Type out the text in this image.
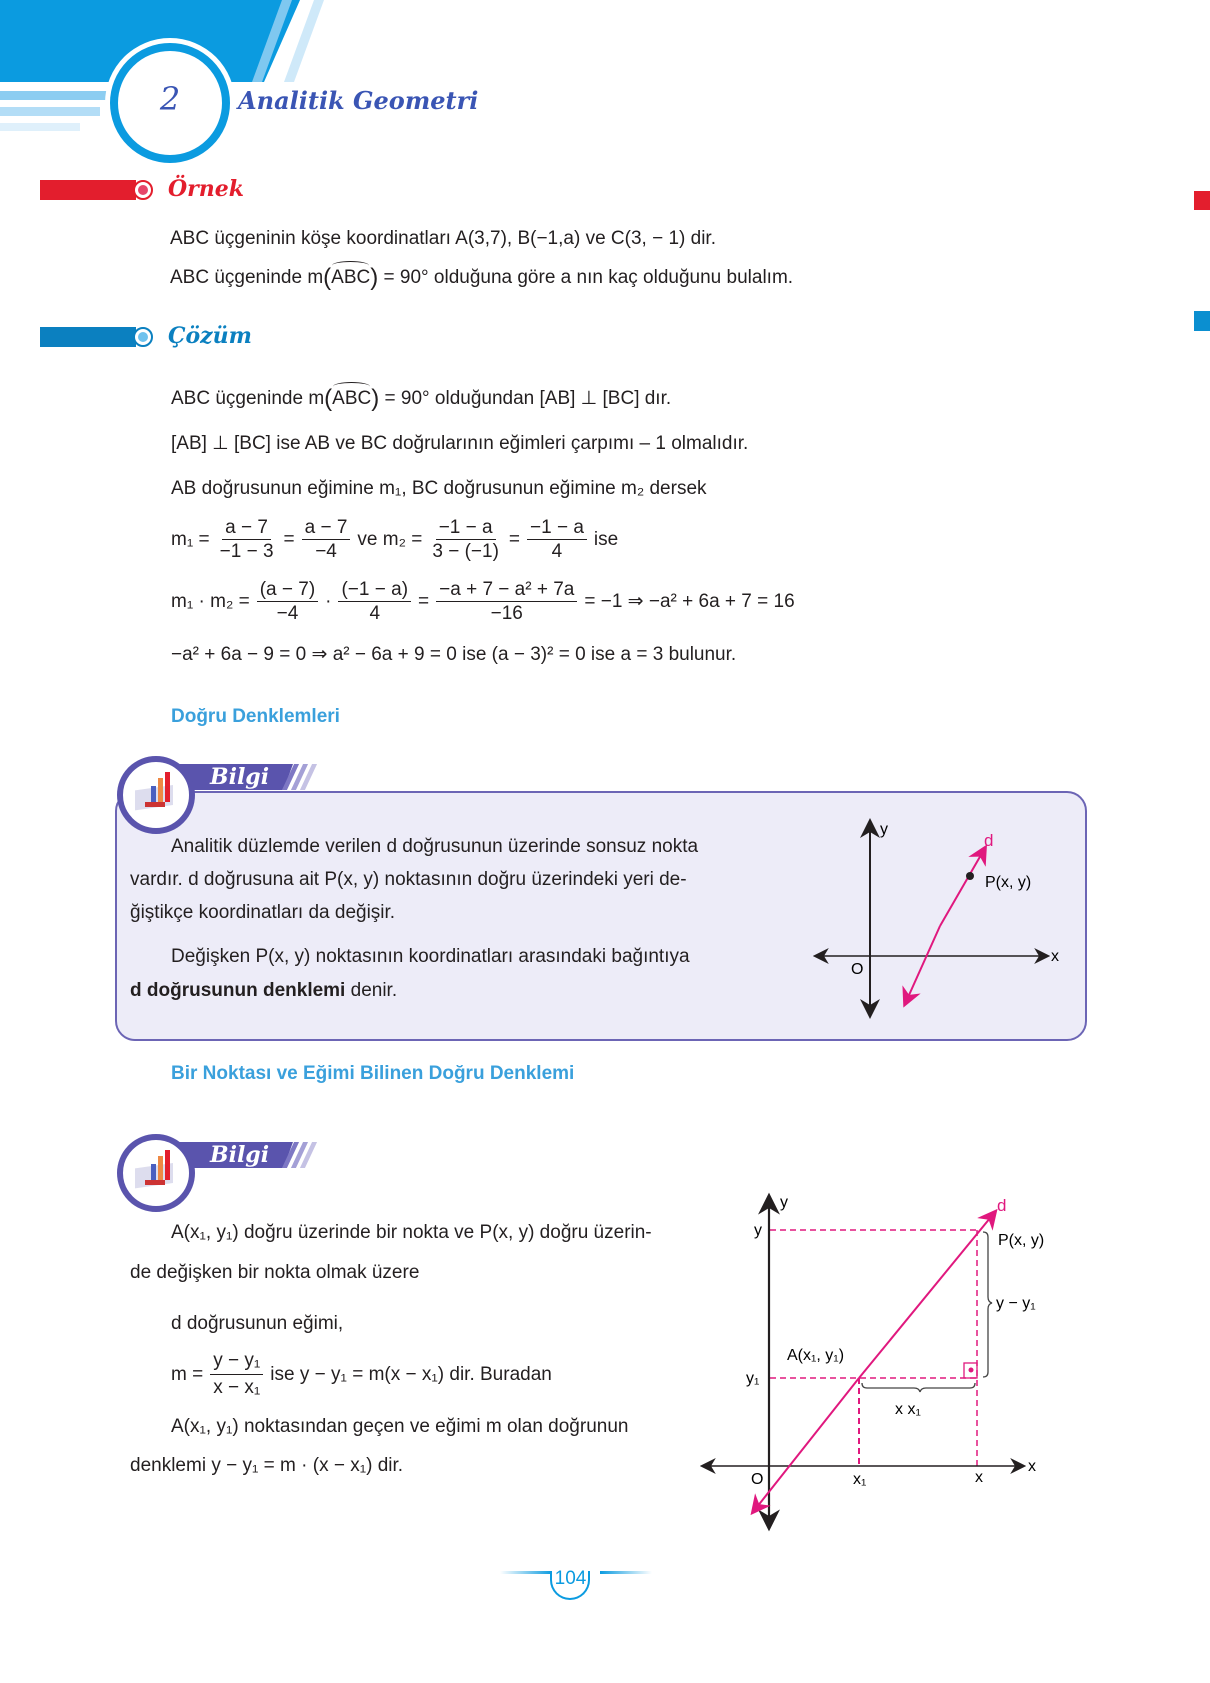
2	Analitik Geometri
Örnek
ABC üçgeninin köşe koordinatları A(3,7), B(−1,a) ve C(3, − 1) dir.
ABC üçgeninde m(ABC) = 90° olduğuna göre a nın kaç olduğunu bulalım.
Çözüm
ABC üçgeninde m(ABC) = 90° olduğundan [AB] ⊥ [BC] dır.
[AB] ⊥ [BC] ise AB ve BC doğrularının eğimleri çarpımı – 1 olmalıdır.
AB doğrusunun eğimine m₁, BC doğrusunun eğimine m₂ dersek
$m_1 = \frac{a - 7}{-1 - 3} = \frac{a - 7}{-4}$ ve $m_2 = \frac{-1 - a}{3 - (-1)} = \frac{-1 - a}{4}$ ise
$m_1 \cdot m_2 = \frac{(a - 7)}{-4} \cdot \frac{(-1 - a)}{4} = \frac{\text{−a + 7 − a² + 7a}}{-16} = -1$ ⇒ −a² + 6a + 7 = 16
−a² + 6a − 9 = 0 ⇒ a² − 6a + 9 = 0 ise (a − 3)² = 0 ise a = 3 bulunur.
Doğru Denklemleri
Bilgi
Analitik düzlemde verilen d doğrusunun üzerinde sonsuz nokta
vardır. d doğrusuna ait P(x, y) noktasının doğru üzerindeki yeri de-
ğiştikçe koordinatları da değişir.
Değişken P(x, y) noktasının koordinatları arasındaki bağıntıya
d doğrusunun denklemi denir.
y
x
O
d
P(x, y)
y
x
O
d
P(x, y)
A(x₁, y₁)
y
y₁
x₁	x
y − y₁
x x₁
Bir Noktası ve Eğimi Bilinen Doğru Denklemi
Bilgi
A(x₁, y₁) doğru üzerinde bir nokta ve P(x, y) doğru üzerin-
de değişken bir nokta olmak üzere
d doğrusunun eğimi,
$m = \frac{\text{y − y₁}}{\text{x − x₁}}$ ise y − y₁ = m(x − x₁) dir. Buradan
A(x₁, y₁) noktasından geçen ve eğimi m olan doğrunun
denklemi y − y₁ = m · (x − x₁) dir.
104
